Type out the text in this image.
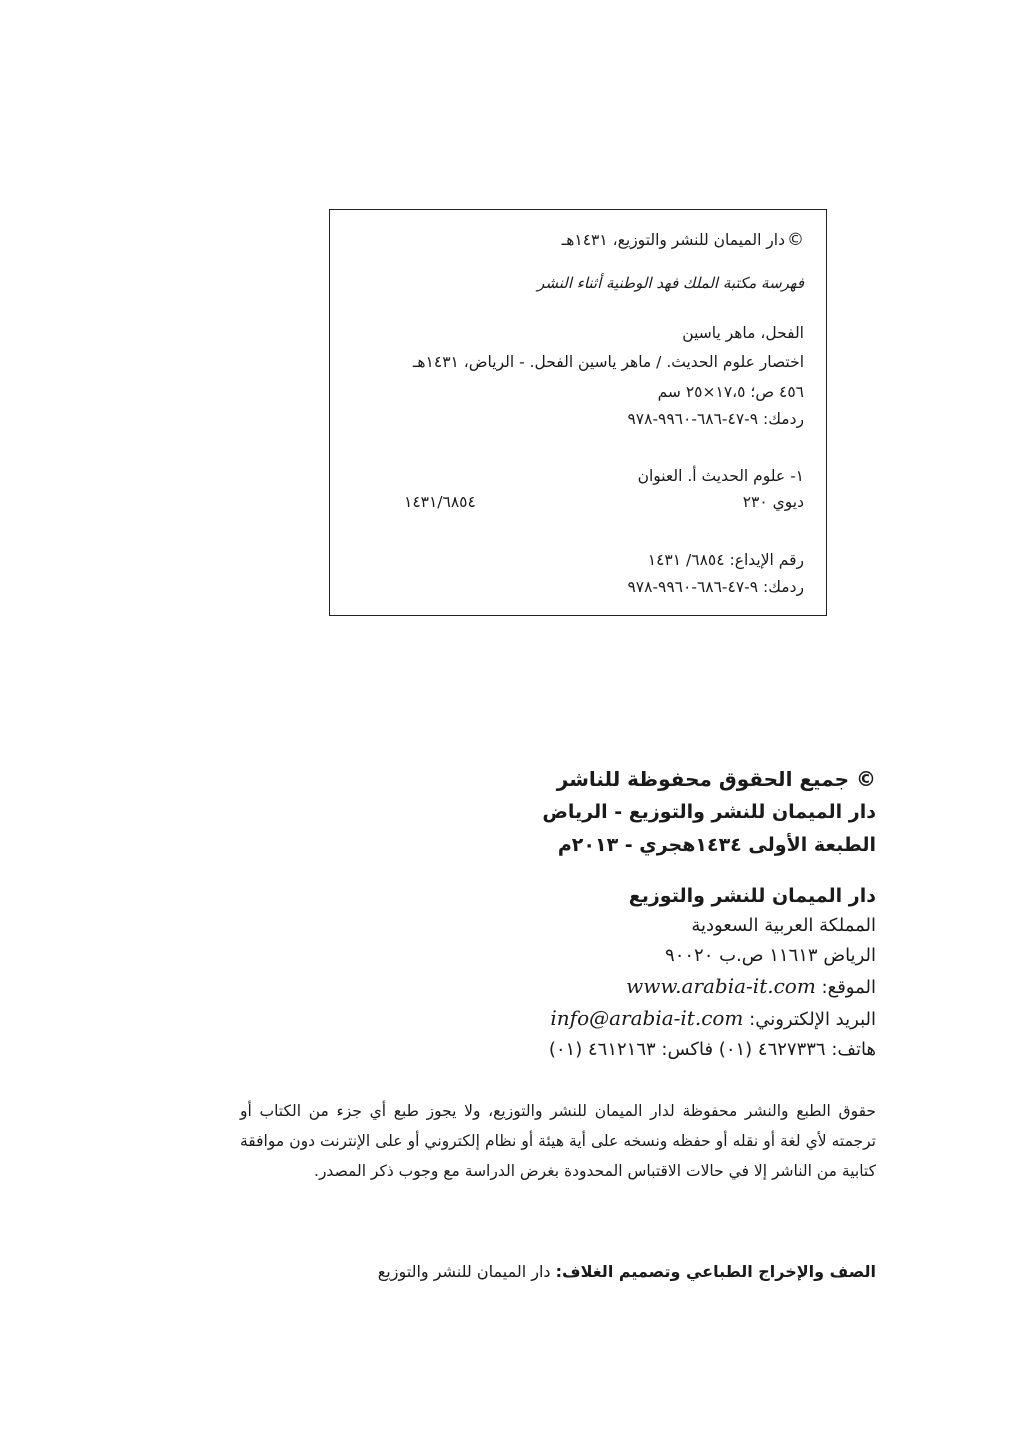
©دار الميمان للنشر والتوزيع، ١٤٣١هـ
فهرسة مكتبة الملك فهد الوطنية أثناء النشر
الفحل، ماهر ياسين
اختصار علوم الحديث. / ماهر ياسين الفحل. - الرياض، ١٤٣١هـ
٤٥٦ ص؛ ١٧،٥×٢٥ سم
ردمك: ٩-٤٧-٦٨٦-٩٩٦٠-٩٧٨
١- علوم الحديث أ. العنوان
ديوي ٢٣٠
١٤٣١/٦٨٥٤
رقم الإيداع: ٦٨٥٤/ ١٤٣١
ردمك: ٩-٤٧-٦٨٦-٩٩٦٠-٩٧٨
© جميع الحقوق محفوظة للناشر
دار الميمان للنشر والتوزيع - الرياض
الطبعة الأولى ١٤٣٤هجري - ٢٠١٣م
دار الميمان للنشر والتوزيع
المملكة العربية السعودية
الرياض ١١٦١٣ ص.ب ٩٠٠٢٠
الموقع: www.arabia-it.com
البريد الإلكتروني: info@arabia-it.com
هاتف: ٤٦٢٧٣٣٦ (٠١) فاكس: ٤٦١٢١٦٣ (٠١)
حقوق الطبع والنشر محفوظة لدار الميمان للنشر والتوزيع، ولا يجوز طبع أي جزء من الكتاب أو ترجمته لأي لغة أو نقله أو حفظه ونسخه على أية هيئة أو نظام إلكتروني أو على الإنترنت دون موافقة كتابية من الناشر إلا في حالات الاقتباس المحدودة بغرض الدراسة مع وجوب ذكر المصدر.
الصف والإخراج الطباعي وتصميم الغلاف: دار الميمان للنشر والتوزيع
